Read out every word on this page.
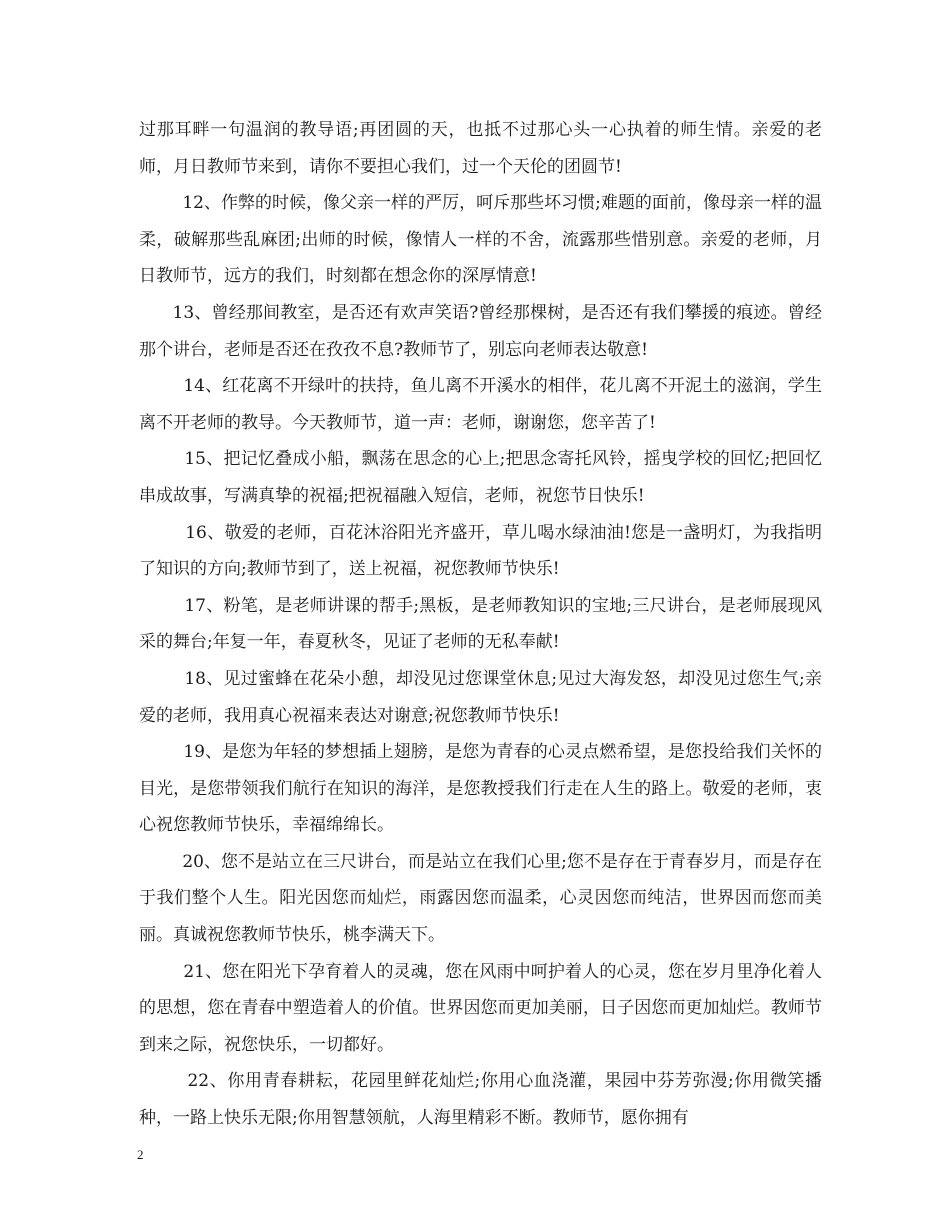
过那耳畔一句温润的教导语;再团圆的天，也抵不过那心头一心执着的师生情。亲爱的老师，月日教师节来到，请你不要担心我们，过一个天伦的团圆节!

12、作弊的时候，像父亲一样的严厉，呵斥那些坏习惯;难题的面前，像母亲一样的温柔，破解那些乱麻团;出师的时候，像情人一样的不舍，流露那些惜别意。亲爱的老师，月日教师节，远方的我们，时刻都在想念你的深厚情意!

13、曾经那间教室，是否还有欢声笑语?曾经那棵树，是否还有我们攀援的痕迹。曾经那个讲台，老师是否还在孜孜不息?教师节了，别忘向老师表达敬意!

14、红花离不开绿叶的扶持，鱼儿离不开溪水的相伴，花儿离不开泥土的滋润，学生离不开老师的教导。今天教师节，道一声：老师，谢谢您，您辛苦了!

15、把记忆叠成小船，飘荡在思念的心上;把思念寄托风铃，摇曳学校的回忆;把回忆串成故事，写满真挚的祝福;把祝福融入短信，老师，祝您节日快乐!

16、敬爱的老师，百花沐浴阳光齐盛开，草儿喝水绿油油!您是一盏明灯，为我指明了知识的方向;教师节到了，送上祝福，祝您教师节快乐!

17、粉笔，是老师讲课的帮手;黑板，是老师教知识的宝地;三尺讲台，是老师展现风采的舞台;年复一年，春夏秋冬，见证了老师的无私奉献!

18、见过蜜蜂在花朵小憩，却没见过您课堂休息;见过大海发怒，却没见过您生气;亲爱的老师，我用真心祝福来表达对谢意;祝您教师节快乐!

19、是您为年轻的梦想插上翅膀，是您为青春的心灵点燃希望，是您投给我们关怀的目光，是您带领我们航行在知识的海洋，是您教授我们行走在人生的路上。敬爱的老师，衷心祝您教师节快乐，幸福绵绵长。

20、您不是站立在三尺讲台，而是站立在我们心里;您不是存在于青春岁月，而是存在于我们整个人生。阳光因您而灿烂，雨露因您而温柔，心灵因您而纯洁，世界因而您而美丽。真诚祝您教师节快乐，桃李满天下。

21、您在阳光下孕育着人的灵魂，您在风雨中呵护着人的心灵，您在岁月里净化着人的思想，您在青春中塑造着人的价值。世界因您而更加美丽，日子因您而更加灿烂。教师节到来之际，祝您快乐，一切都好。

22、你用青春耕耘，花园里鲜花灿烂;你用心血浇灌，果园中芬芳弥漫;你用微笑播种，一路上快乐无限;你用智慧领航，人海里精彩不断。教师节，愿你拥有

2
